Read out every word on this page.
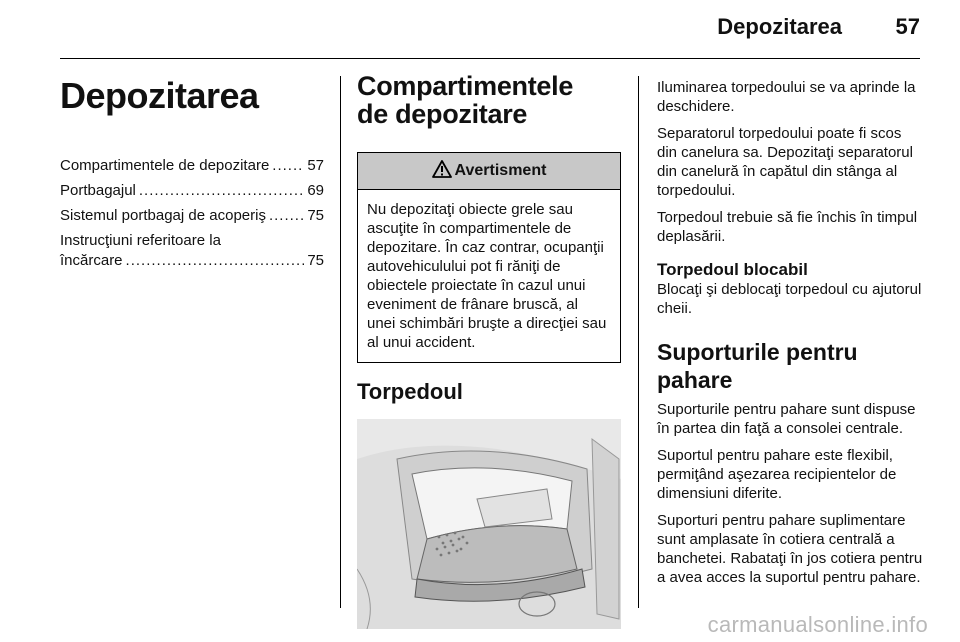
Depozitarea 57
Depozitarea
Compartimentele de depozitare .....	57
Portbagajul .....	69
Sistemul portbagaj de acoperiş .....	75
Instrucţiuni referitoare la
încărcare .....	75
Compartimentele de depozitare
Avertisment
Nu depozitaţi obiecte grele sau ascuţite în compartimentele de depozitare. În caz contrar, ocupanţii autovehiculului pot fi răniţi de obiectele proiectate în cazul unui eveniment de frânare bruscă, al unei schimbări bruşte a direcţiei sau al unui accident.
Torpedoul

Iluminarea torpedoului se va aprinde la deschidere.

Separatorul torpedoului poate fi scos din canelura sa. Depozitaţi separatorul din canelură în capătul din stânga al torpedoului.

Torpedoul trebuie să fie închis în timpul deplasării.

Torpedoul blocabil

Blocaţi şi deblocaţi torpedoul cu ajutorul cheii.

Suporturile pentru pahare

Suporturile pentru pahare sunt dispuse în partea din faţă a consolei centrale.

Suportul pentru pahare este flexibil, permiţând aşezarea recipientelor de dimensiuni diferite.

Suporturi pentru pahare suplimentare sunt amplasate în cotiera centrală a banchetei. Rabataţi în jos cotiera pentru a avea acces la suportul pentru pahare.

carmanualsonline.info
